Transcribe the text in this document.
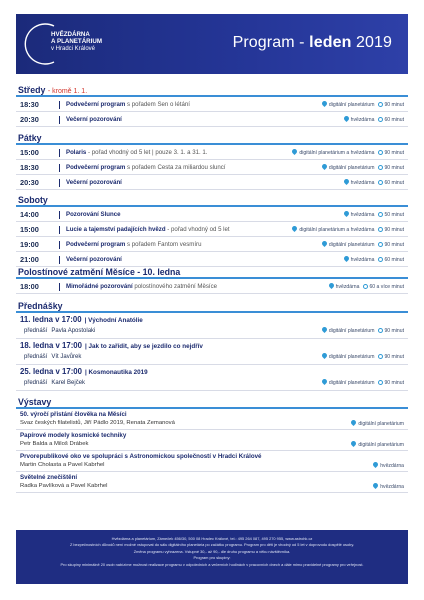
HVĚZDÁRNA
A PLANETÁRIUM
v Hradci Králové	Program - leden 2019
Středy - kromě 1. 1.
18:30	Podvečerní program s pořadem Sen o létání	digitální planetárium 90 minut
20:30	Večerní pozorování	hvězdárna 60 minut
Pátky
15:00	Polaris - pořad vhodný od 5 let | pouze 3. 1. a 31. 1.	digitální planetárium a hvězdárna 90 minut
18:30	Podvečerní program s pořadem Cesta za miliardou sluncí	digitální planetárium 90 minut
20:30	Večerní pozorování	hvězdárna 60 minut
Soboty
14:00	Pozorování Slunce	hvězdárna 50 minut
15:00	Lucie a tajemství padajících hvězd - pořad vhodný od 5 let	digitální planetárium a hvězdárna 90 minut
19:00	Podvečerní program s pořadem Fantom vesmíru	digitální planetárium 90 minut
21:00	Večerní pozorování	hvězdárna 60 minut
Polostínové zatmění Měsíce - 10. ledna
18:00	Mimořádné pozorování polostínového zatmění Měsíce	hvězdárna 60 a více minut
Přednášky
11. ledna v 17:00 | Východní Anatólie
přednáší Pavla Apostolaki	digitální planetárium 90 minut
18. ledna v 17:00 | Jak to zařídit, aby se jezdilo co nejdřív
přednáší Vít Javůrek	digitální planetárium 90 minut
25. ledna v 17:00 | Kosmonautika 2019
přednáší Karel Bejček	digitální planetárium 90 minut
Výstavy
50. výročí přistání člověka na Měsíci
Svaz českých filatelistů, Jiří Pádlo 2019, Renata Zemanová	digitální planetárium
Papírové modely kosmické techniky
Petr Balda a Miloš Drábek	digitální planetárium
Prvorepublikové oko ve spolupráci s Astronomickou společností v Hradci Králové
Martin Cholasta a Pavel Kabrhel	hvězdárna
Světelné znečištění
Radka Pavlíková a Pavel Kabrhel	hvězdárna
Hvězdárna a planetárium, Zámeček 456/30, 500 08 Hradec Králové, tel.: 495 264 087, 495 270 955, www.astrohk.cz
Z bezpečnostních důvodů není možné vstupovat do sálu digitálního planetária po začátku programu. Program pro děti je vhodný od 5 let v doprovodu dospělé osoby.
Změna programu vyhrazena. Vstupné 30,- až 90,- dle druhu programu a věku návštěvníka.
Program pro skupiny:
Pro skupiny minimálně 20 osob nabízíme možnost realizace programu v odpoledních a večerních hodinách v pracovních dnech a dále mimo pravidelné programy pro veřejnost.
